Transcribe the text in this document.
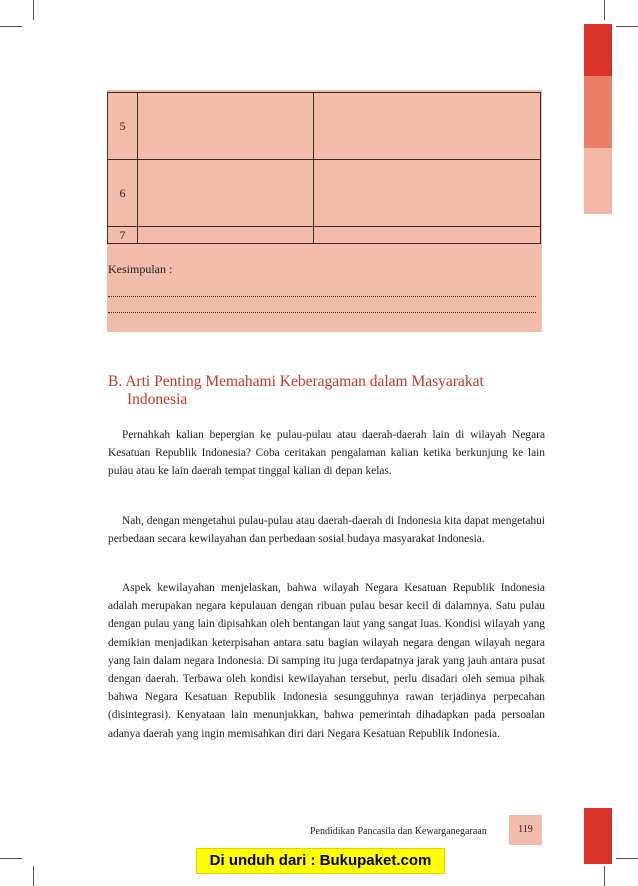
5		
6		
7		
Kesimpulan :
B. Arti Penting Memahami Keberagaman dalam Masyarakat
Indonesia

Pernahkah kalian bepergian ke pulau-pulau atau daerah-daerah lain di wilayah Negara Kesatuan Republik Indonesia? Coba ceritakan pengalaman kalian ketika berkunjung ke lain pulau atau ke lain daerah tempat tinggal kalian di depan kelas.

Nah, dengan mengetahui pulau-pulau atau daerah-daerah di Indonesia kita dapat mengetahui perbedaan secara kewilayahan dan perbedaan sosial budaya masyarakat Indonesia.

Aspek kewilayahan menjelaskan, bahwa wilayah Negara Kesatuan Republik Indonesia adalah merupakan negara kepulauan dengan ribuan pulau besar kecil di dalamnya. Satu pulau dengan pulau yang lain dipisahkan oleh bentangan laut yang sangat luas. Kondisi wilayah yang demikian menjadikan keterpisahan antara satu bagian wilayah negara dengan wilayah negara yang lain dalam negara Indonesia. Di samping itu juga terdapatnya jarak yang jauh antara pusat dengan daerah. Terbawa oleh kondisi kewilayahan tersebut, perlu disadari oleh semua pihak bahwa Negara Kesatuan Republik Indonesia sesungguhnya rawan terjadinya perpecahan (disintegrasi). Kenyataan lain menunjukkan, bahwa pemerintah dihadapkan pada persoalan adanya daerah yang ingin memisahkan diri dari Negara Kesatuan Republik Indonesia.

Pendidikan Pancasila dan Kewarganegaraan	119
Di unduh dari : Bukupaket.com
